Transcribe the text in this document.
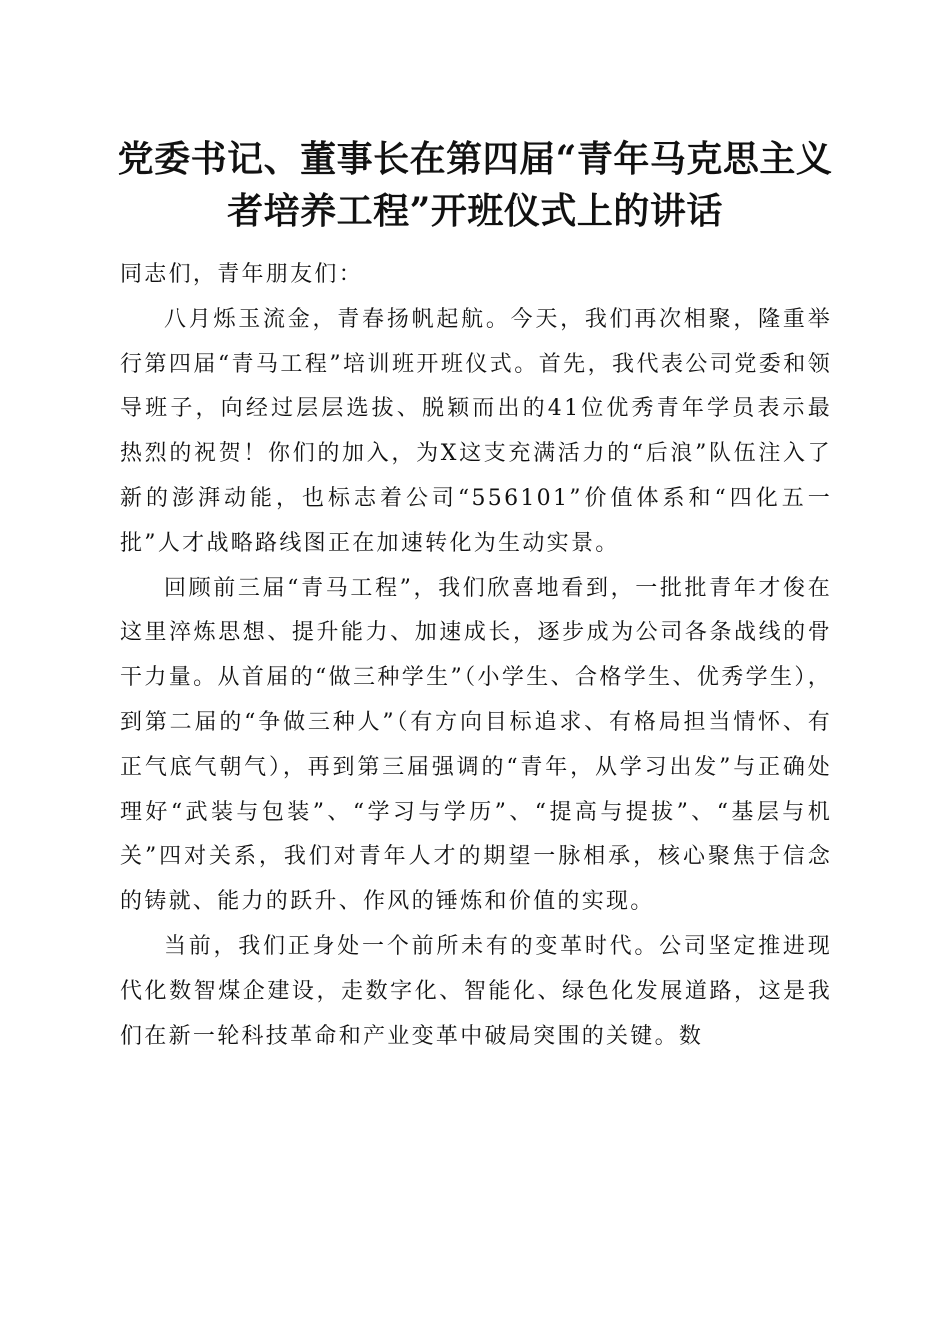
党委书记、董事长在第四届“青年马克思主义
者培养工程”开班仪式上的讲话

同志们，青年朋友们：

八月烁玉流金，青春扬帆起航。今天，我们再次相聚，隆重举行第四届“青马工程”培训班开班仪式。首先，我代表公司党委和领导班子，向经过层层选拔、脱颖而出的41位优秀青年学员表示最热烈的祝贺！你们的加入，为X这支充满活力的“后浪”队伍注入了新的澎湃动能，也标志着公司“556101”价值体系和“四化五一批”人才战略路线图正在加速转化为生动实景。

回顾前三届“青马工程”，我们欣喜地看到，一批批青年才俊在这里淬炼思想、提升能力、加速成长，逐步成为公司各条战线的骨干力量。从首届的“做三种学生”（小学生、合格学生、优秀学生），到第二届的“争做三种人”（有方向目标追求、有格局担当情怀、有正气底气朝气），再到第三届强调的“青年，从学习出发”与正确处理好“武装与包装”、“学习与学历”、“提高与提拔”、“基层与机关”四对关系，我们对青年人才的期望一脉相承，核心聚焦于信念的铸就、能力的跃升、作风的锤炼和价值的实现。

当前，我们正身处一个前所未有的变革时代。公司坚定推进现代化数智煤企建设，走数字化、智能化、绿色化发展道路，这是我们在新一轮科技革命和产业变革中破局突围的关键。数
